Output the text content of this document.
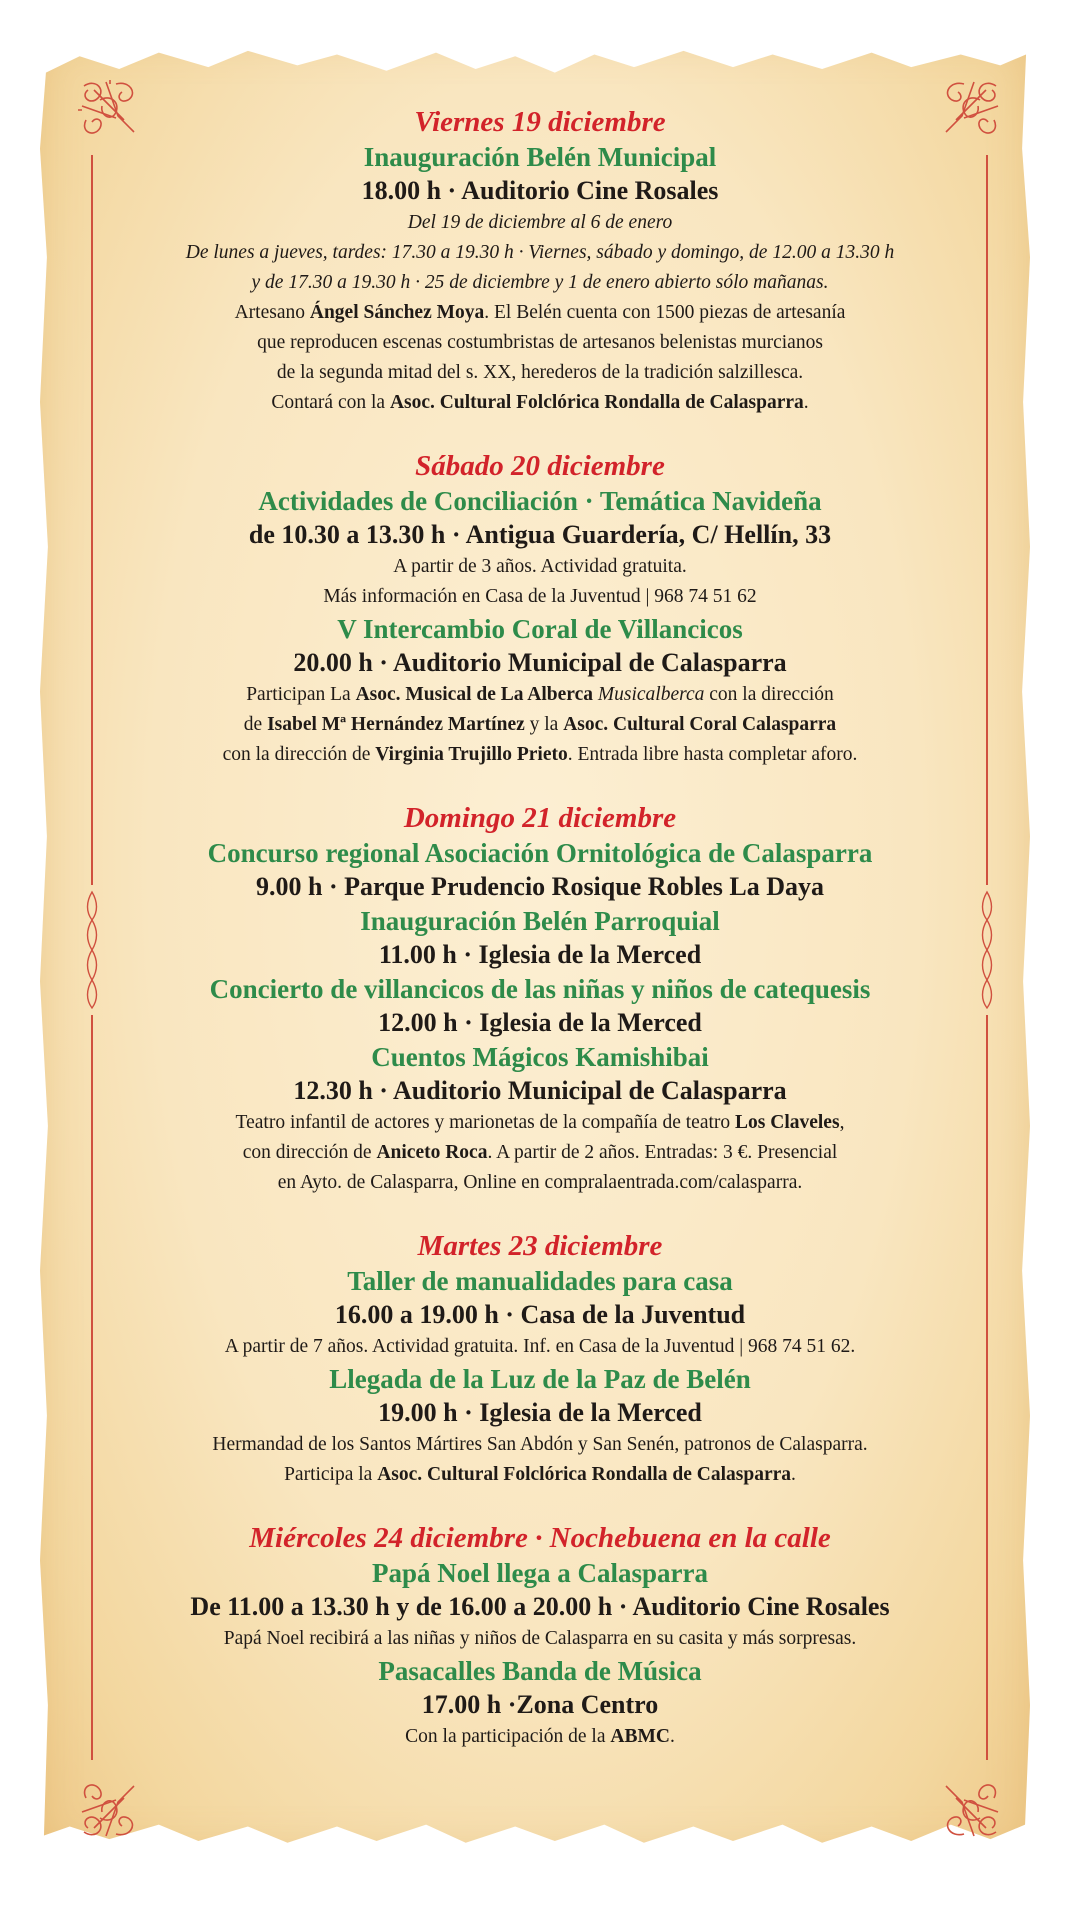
Viernes 19 diciembre

Inauguración Belén Municipal

18.00 h · Auditorio Cine Rosales

Del 19 de diciembre al 6 de enero

De lunes a jueves, tardes: 17.30 a 19.30 h · Viernes, sábado y domingo, de 12.00 a 13.30 h

y de 17.30 a 19.30 h · 25 de diciembre y 1 de enero abierto sólo mañanas.

Artesano Ángel Sánchez Moya. El Belén cuenta con 1500 piezas de artesanía

que reproducen escenas costumbristas de artesanos belenistas murcianos

de la segunda mitad del s. XX, herederos de la tradición salzillesca.

Contará con la Asoc. Cultural Folclórica Rondalla de Calasparra.

Sábado 20 diciembre

Actividades de Conciliación · Temática Navideña

de 10.30 a 13.30 h · Antigua Guardería, C/ Hellín, 33

A partir de 3 años. Actividad gratuita.

Más información en Casa de la Juventud | 968 74 51 62

V Intercambio Coral de Villancicos

20.00 h · Auditorio Municipal de Calasparra

Participan La Asoc. Musical de La Alberca Musicalberca con la dirección

de Isabel Mª Hernández Martínez y la Asoc. Cultural Coral Calasparra

con la dirección de Virginia Trujillo Prieto. Entrada libre hasta completar aforo.

Domingo 21 diciembre

Concurso regional Asociación Ornitológica de Calasparra

9.00 h · Parque Prudencio Rosique Robles La Daya

Inauguración Belén Parroquial

11.00 h · Iglesia de la Merced

Concierto de villancicos de las niñas y niños de catequesis

12.00 h · Iglesia de la Merced

Cuentos Mágicos Kamishibai

12.30 h · Auditorio Municipal de Calasparra

Teatro infantil de actores y marionetas de la compañía de teatro Los Claveles,

con dirección de Aniceto Roca. A partir de 2 años. Entradas: 3 €. Presencial

en Ayto. de Calasparra, Online en compralaentrada.com/calasparra.

Martes 23 diciembre

Taller de manualidades para casa

16.00 a 19.00 h · Casa de la Juventud

A partir de 7 años. Actividad gratuita. Inf. en Casa de la Juventud | 968 74 51 62.

Llegada de la Luz de la Paz de Belén

19.00 h · Iglesia de la Merced

Hermandad de los Santos Mártires San Abdón y San Senén, patronos de Calasparra.

Participa la Asoc. Cultural Folclórica Rondalla de Calasparra.

Miércoles 24 diciembre · Nochebuena en la calle

Papá Noel llega a Calasparra

De 11.00 a 13.30 h y de 16.00 a 20.00 h · Auditorio Cine Rosales

Papá Noel recibirá a las niñas y niños de Calasparra en su casita y más sorpresas.

Pasacalles Banda de Música

17.00 h ·Zona Centro

Con la participación de la ABMC.
